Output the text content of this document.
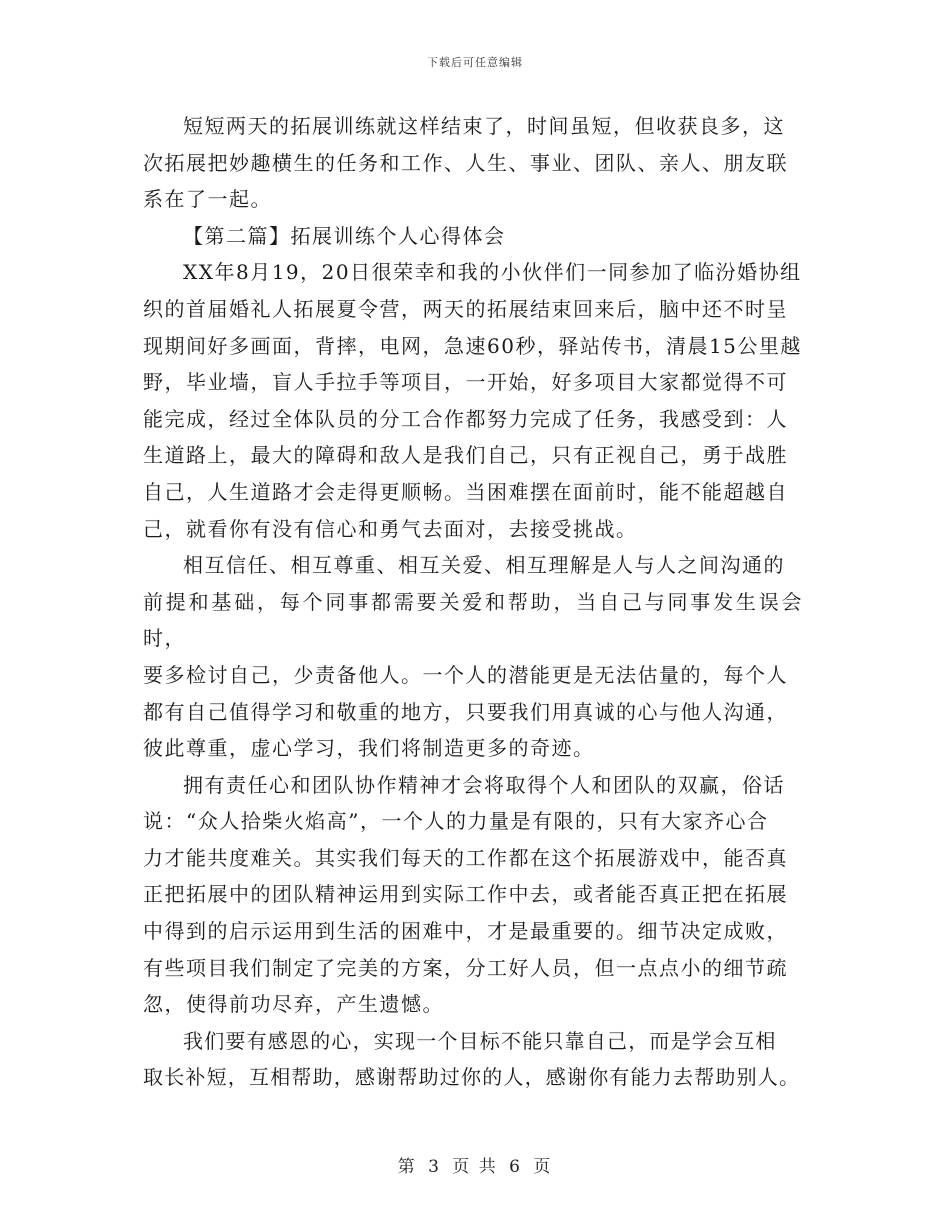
下载后可任意编辑

短短两天的拓展训练就这样结束了，时间虽短，但收获良多，这
次拓展把妙趣横生的任务和工作、人生、事业、团队、亲人、朋友联
系在了一起。

【第二篇】拓展训练个人心得体会

XX年8月19，20日很荣幸和我的小伙伴们一同参加了临汾婚协组
织的首届婚礼人拓展夏令营，两天的拓展结束回来后，脑中还不时呈
现期间好多画面，背摔，电网，急速60秒，驿站传书，清晨15公里越
野，毕业墙，盲人手拉手等项目，一开始，好多项目大家都觉得不可
能完成，经过全体队员的分工合作都努力完成了任务，我感受到：人
生道路上，最大的障碍和敌人是我们自己，只有正视自己，勇于战胜
自己，人生道路才会走得更顺畅。当困难摆在面前时，能不能超越自
己，就看你有没有信心和勇气去面对，去接受挑战。

相互信任、相互尊重、相互关爱、相互理解是人与人之间沟通的
前提和基础，每个同事都需要关爱和帮助，当自己与同事发生误会时，
要多检讨自己，少责备他人。一个人的潜能更是无法估量的，每个人
都有自己值得学习和敬重的地方，只要我们用真诚的心与他人沟通，
彼此尊重，虚心学习，我们将制造更多的奇迹。

拥有责任心和团队协作精神才会将取得个人和团队的双赢，俗话
说：“众人拾柴火焰高”，一个人的力量是有限的，只有大家齐心合
力才能共度难关。其实我们每天的工作都在这个拓展游戏中，能否真
正把拓展中的团队精神运用到实际工作中去，或者能否真正把在拓展
中得到的启示运用到生活的困难中，才是最重要的。细节决定成败，
有些项目我们制定了完美的方案，分工好人员，但一点点小的细节疏
忽，使得前功尽弃，产生遗憾。

我们要有感恩的心，实现一个目标不能只靠自己，而是学会互相
取长补短，互相帮助，感谢帮助过你的人，感谢你有能力去帮助别人。

第 3 页 共 6 页
